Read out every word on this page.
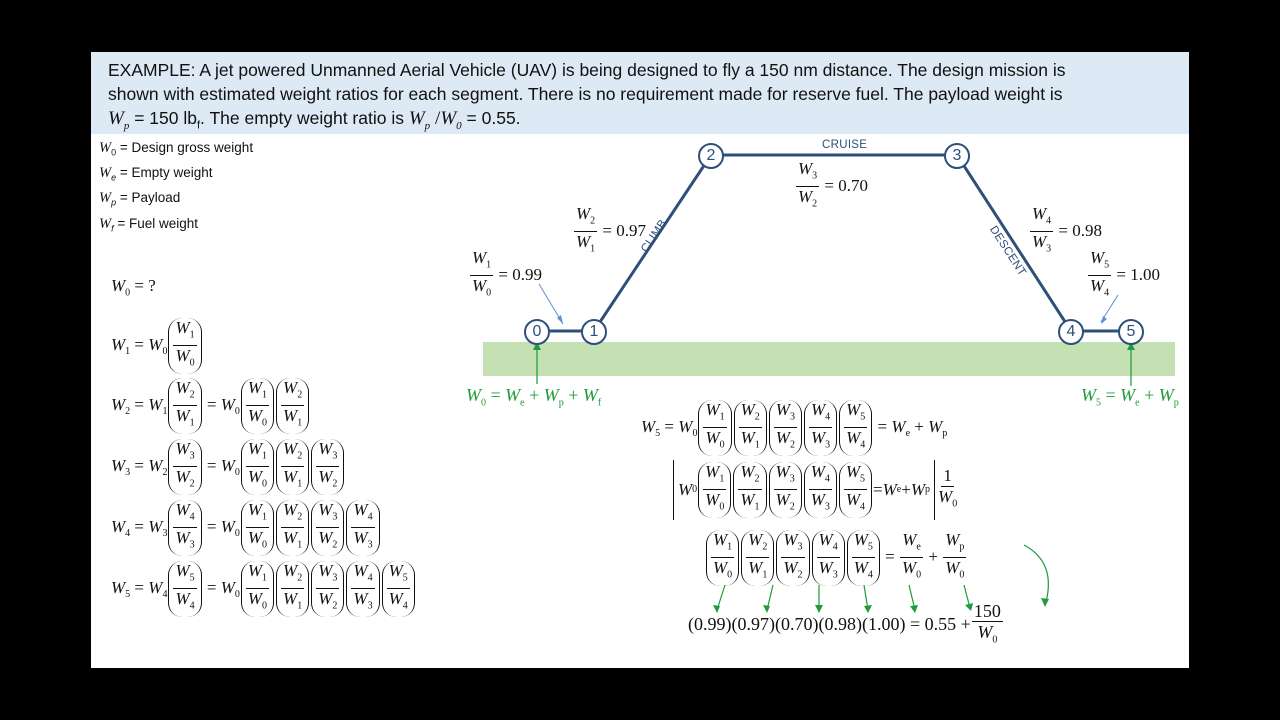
EXAMPLE: A jet powered Unmanned Aerial Vehicle (UAV) is being designed to fly a 150 nm distance. The design mission is
shown with estimated weight ratios for each segment. There is no requirement made for reserve fuel. The payload weight is
$W_p = 150$ $lb_f$. The empty weight ratio is $W_p$ $/W_0 = 0.55$.
$W_0$ = Design gross weight
$W_e$ = Empty weight
$W_p$ = Payload
$W_f$ = Fuel weight
0	1
2	3
4	5
CRUISE
CLIMB	DESCENT
$\frac{W_1}{W_0} = 0.99$
$\frac{W_2}{W_1} = 0.97$
$\frac{W_3}{W_2} = 0.70$
$\frac{W_4}{W_3} = 0.98$
$\frac{W_5}{W_4} = 1.00$
$W_0 = W_e + W_p + W_f$	$W_5 = W_e + W_p$
$W_0$ = ?
$W_1 = W_0 \frac{W_1}{W_0}$
$W_2 = W_1 \frac{W_2}{W_1} = W_0 \frac{W_1}{W_0} \frac{W_2}{W_1}$
$W_3 = W_2 \frac{W_3}{W_2} = W_0 \frac{W_1}{W_0} \frac{W_2}{W_1} \frac{W_3}{W_2}$
$W_4 = W_3 \frac{W_4}{W_3} = W_0 \frac{W_1}{W_0} \frac{W_2}{W_1} \frac{W_3}{W_2} \frac{W_4}{W_3}$
$W_5 = W_4 \frac{W_5}{W_4} = W_0 \frac{W_1}{W_0} \frac{W_2}{W_1} \frac{W_3}{W_2} \frac{W_4}{W_3} \frac{W_5}{W_4}$
$W_5 = W_0 \frac{W_1}{W_0} \frac{W_2}{W_1} \frac{W_3}{W_2} \frac{W_4}{W_3} \frac{W_5}{W_4} = W_e + W_p$
W $0 \frac{W_1}{W_0} \frac{W_2}{W_1} \frac{W_3}{W_2} \frac{W_4}{W_3} \frac{W_5}{W_4} = W$ e + W p $\frac{1}{W_0}$
$\frac{W_1}{W_0} \frac{W_2}{W_1} \frac{W_3}{W_2} \frac{W_4}{W_3} \frac{W_5}{W_4} = \frac{W_e}{W_0} + \frac{W_p}{W_0}$
$(0.99)(0.97)(0.70)(0.98)(1.00) = 0.55 + \frac{150}{W_0}$
